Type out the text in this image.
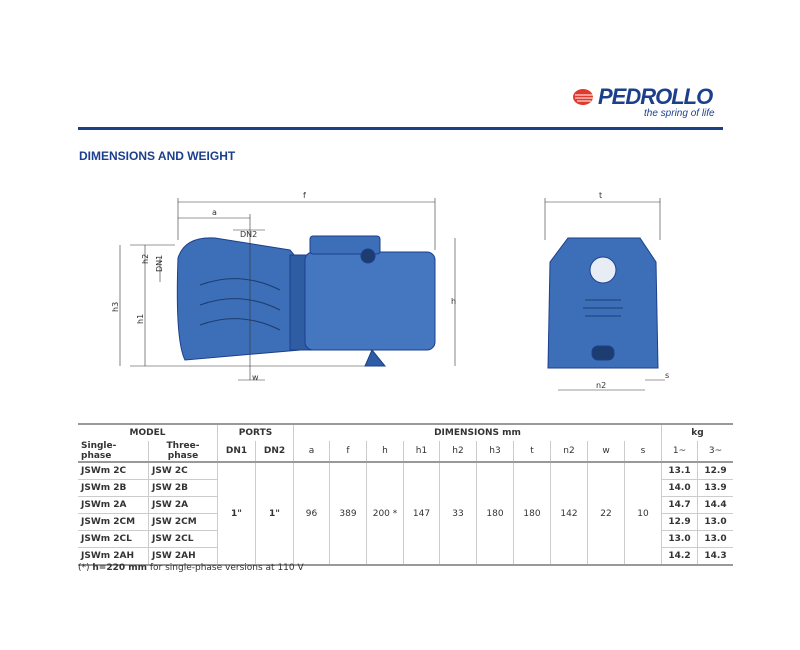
PEDROLLO
the spring of life
DIMENSIONS AND WEIGHT
f
a
DN2
DN1
h2
h3
h1
h
w
t
n2
s
MODEL		PORTS		DIMENSIONS mm										kg	
Single-phase	Three-phase	DN1	DN2	a	f	h	h1	h2	h3	t	n2	w	s	1~	3~
JSWm 2C	JSW 2C	1"	1"	96	389	200 *	147	33	180	180	142	22	10	13.1	12.9
JSWm 2B	JSW 2B													14.0	13.9
JSWm 2A	JSW 2A													14.7	14.4
JSWm 2CM	JSW 2CM													12.9	13.0
JSWm 2CL	JSW 2CL													13.0	13.0
JSWm 2AH	JSW 2AH													14.2	14.3
(*) h=220 mm for single-phase versions at 110 V
